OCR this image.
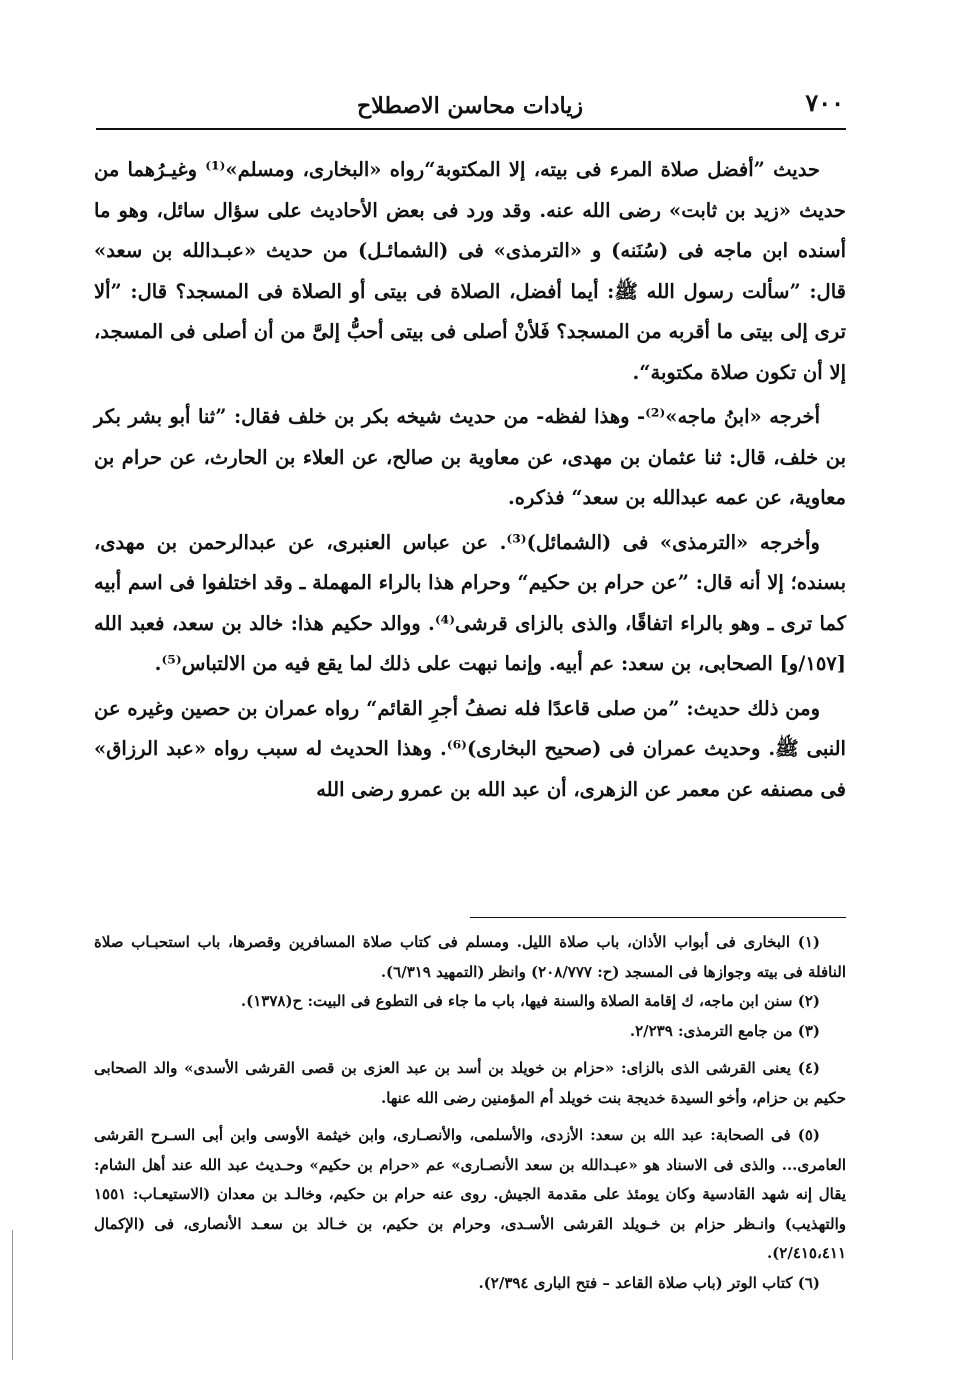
٧٠٠
زيادات محاسن الاصطلاح

حديث ”أفضل صلاة المرء فى بيته، إلا المكتوبة“رواه «البخارى، ومسلم»⁽¹⁾ وغيـرُهما من حديث «زيد بن ثابت» رضى الله عنه. وقد ورد فى بعض الأحاديث على سؤال سائل، وهو ما أسنده ابن ماجه فى (سُنَنه) و «الترمذى» فى (الشمائـل) من حديث «عبـدالله بن سعد» قال: ”سألت رسول الله ﷺ: أيما أفضل، الصلاة فى بيتى أو الصلاة فى المسجد؟ قال: ”ألا ترى إلى بيتى ما أقربه من المسجد؟ فَلأنْ أصلى فى بيتى أحبُّ إلىَّ من أن أصلى فى المسجد، إلا أن تكون صلاة مكتوبة“.

أخرجه «ابنُ ماجه»⁽²⁾- وهذا لفظه- من حديث شيخه بكر بن خلف فقال: ”ثنا أبو بشر بكر بن خلف، قال: ثنا عثمان بن مهدى، عن معاوية بن صالح، عن العلاء بن الحارث، عن حرام بن معاوية، عن عمه عبدالله بن سعد“ فذكره.

وأخرجه «الترمذى» فى (الشمائل)⁽³⁾. عن عباس العنبرى، عن عبدالرحمن بن مهدى، بسنده؛ إلا أنه قال: ”عن حرام بن حكيم“ وحرام هذا بالراء المهملة ـ وقد اختلفوا فى اسم أبيه كما ترى ـ وهو بالراء اتفاقًا، والذى بالزاى قرشى⁽⁴⁾. ووالد حكيم هذا: خالد بن سعد، فعبد الله [١٥٧/و] الصحابى، بن سعد: عم أبيه. وإنما نبهت على ذلك لما يقع فيه من الالتباس⁽⁵⁾.

ومن ذلك حديث: ”من صلى قاعدًا فله نصفُ أجرِ القائم“ رواه عمران بن حصين وغيره عن النبى ﷺ. وحديث عمران فى (صحيح البخارى)⁽⁶⁾. وهذا الحديث له سبب رواه «عبد الرزاق» فى مصنفه عن معمر عن الزهرى، أن عبد الله بن عمرو رضى الله

(١) البخارى فى أبواب الأذان، باب صلاة الليل. ومسلم فى كتاب صلاة المسافرين وقصرها، باب استحبـاب صلاة النافلة فى بيته وجوازها فى المسجد (ح: ٢٠٨/٧٧٧) وانظر (التمهيد ٦/٣١٩).

(٢) سنن ابن ماجه، ك إقامة الصلاة والسنة فيها، باب ما جاء فى التطوع فى البيت: ح(١٣٧٨).

(٣) من جامع الترمذى: ٢/٢٣٩.

(٤) يعنى القرشى الذى بالزاى: «حزام بن خويلد بن أسد بن عبد العزى بن قصى القرشى الأسدى» والد الصحابى حكيم بن حزام، وأخو السيدة خديجة بنت خويلد أم المؤمنين رضى الله عنها.

(٥) فى الصحابة: عبد الله بن سعد: الأزدى، والأسلمى، والأنصـارى، وابن خيثمة الأوسى وابن أبى السـرح القرشى العامرى... والذى فى الاسناد هو «عبـدالله بن سعد الأنصـارى» عم «حرام بن حكيم» وحـديث عبد الله عند أهل الشام: يقال إنه شهد القادسية وكان يومئذ على مقدمة الجيش. روى عنه حرام بن حكيم، وخالـد بن معدان (الاستيعـاب: ١٥٥١ والتهذيب) وانـظر حزام بن خـويلد القرشى الأسـدى، وحرام بن حكيم، بن خـالد بن سعـد الأنصارى، فى (الإكمال ٢/٤١٥،٤١١).

(٦) كتاب الوتر (باب صلاة القاعد – فتح البارى ٢/٣٩٤).
